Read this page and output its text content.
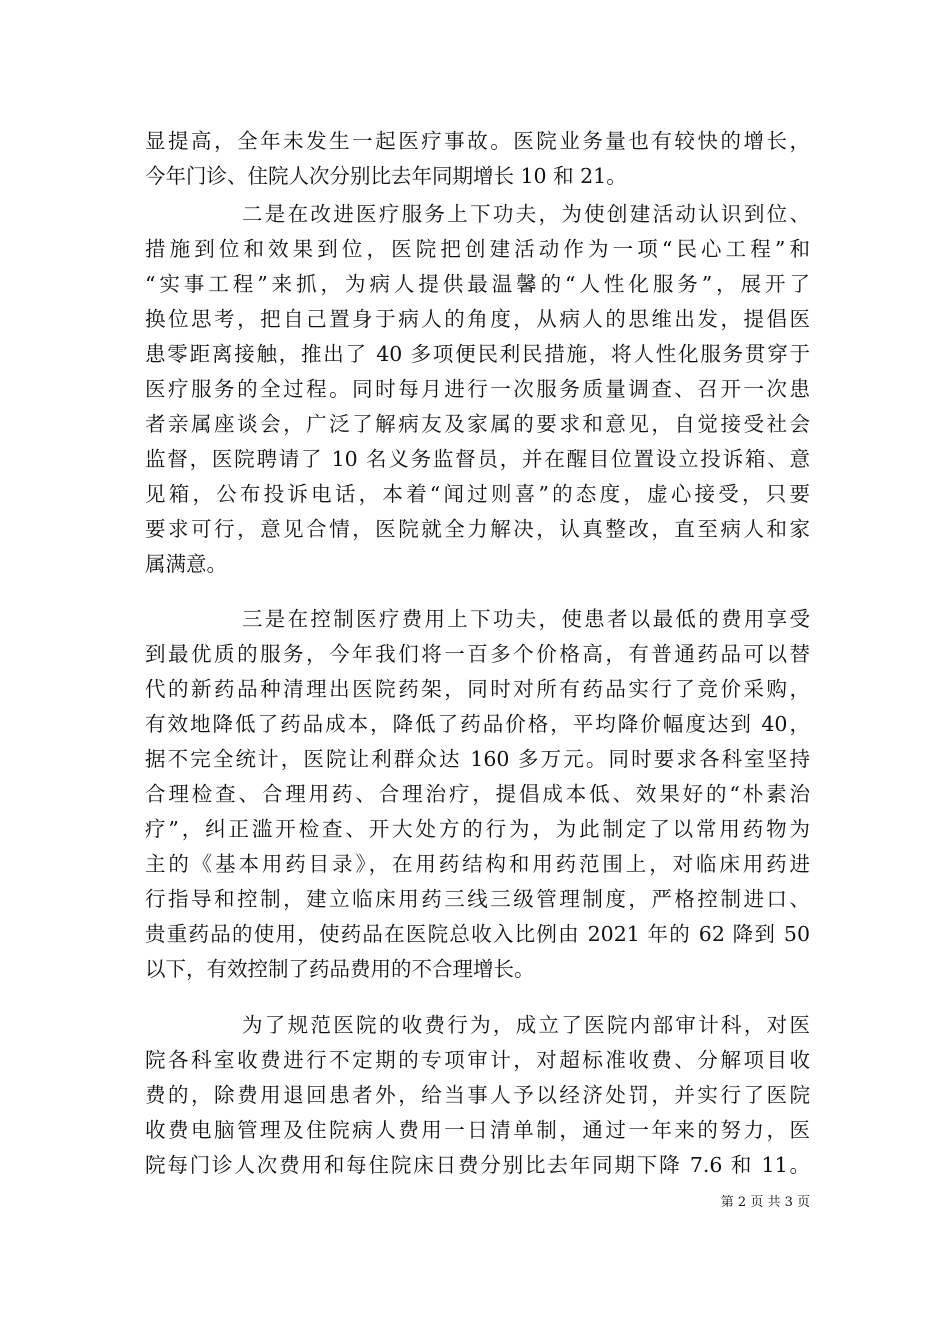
显提高，全年未发生一起医疗事故。医院业务量也有较快的增长，
今年门诊、住院人次分别比去年同期增长 10 和 21。
二是在改进医疗服务上下功夫，为使创建活动认识到位、
措施到位和效果到位，医院把创建活动作为一项“民心工程”和
“实事工程”来抓，为病人提供最温馨的“人性化服务”，展开了
换位思考，把自己置身于病人的角度，从病人的思维出发，提倡医
患零距离接触，推出了 40 多项便民利民措施，将人性化服务贯穿于
医疗服务的全过程。同时每月进行一次服务质量调查、召开一次患
者亲属座谈会，广泛了解病友及家属的要求和意见，自觉接受社会
监督，医院聘请了 10 名义务监督员，并在醒目位置设立投诉箱、意
见箱，公布投诉电话，本着“闻过则喜”的态度，虚心接受，只要
要求可行，意见合情，医院就全力解决，认真整改，直至病人和家
属满意。
三是在控制医疗费用上下功夫，使患者以最低的费用享受
到最优质的服务，今年我们将一百多个价格高，有普通药品可以替
代的新药品种清理出医院药架，同时对所有药品实行了竞价采购，
有效地降低了药品成本，降低了药品价格，平均降价幅度达到 40，
据不完全统计，医院让利群众达 160 多万元。同时要求各科室坚持
合理检查、合理用药、合理治疗，提倡成本低、效果好的“朴素治
疗”，纠正滥开检查、开大处方的行为，为此制定了以常用药物为
主的《基本用药目录》，在用药结构和用药范围上，对临床用药进
行指导和控制，建立临床用药三线三级管理制度，严格控制进口、
贵重药品的使用，使药品在医院总收入比例由 2021 年的 62 降到 50
以下，有效控制了药品费用的不合理增长。
为了规范医院的收费行为，成立了医院内部审计科，对医
院各科室收费进行不定期的专项审计，对超标准收费、分解项目收
费的，除费用退回患者外，给当事人予以经济处罚，并实行了医院
收费电脑管理及住院病人费用一日清单制，通过一年来的努力，医
院每门诊人次费用和每住院床日费分别比去年同期下降 7.6 和 11。
第 2 页 共 3 页
